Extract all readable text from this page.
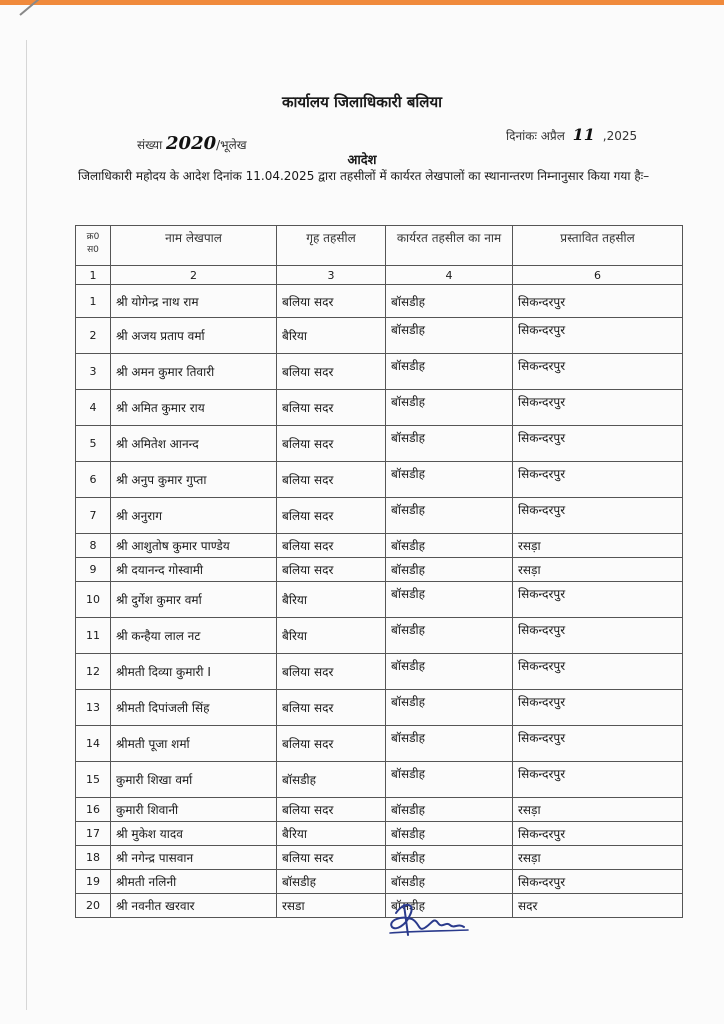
कार्यालय जिलाधिकारी बलिया
संख्या 2020/भूलेख
दिनांकः अप्रैल 11 ,2025
आदेश
जिलाधिकारी महोदय के आदेश दिनांक 11.04.2025 द्वारा तहसीलों में कार्यरत लेखपालों का स्थानान्तरण निम्नानुसार किया गया हैः–
क्र0 स0	नाम लेखपाल	गृह तहसील	कार्यरत तहसील का नाम	प्रस्तावित तहसील
1	2	3	4	6
1	श्री योगेन्द्र नाथ राम	बलिया सदर	बॉसडीह	सिकन्दरपुर
2	श्री अजय प्रताप वर्मा	बैरिया	बॉसडीह	सिकन्दरपुर
3	श्री अमन कुमार तिवारी	बलिया सदर	बॉसडीह	सिकन्दरपुर
4	श्री अमित कुमार राय	बलिया सदर	बॉसडीह	सिकन्दरपुर
5	श्री अमितेश आनन्द	बलिया सदर	बॉसडीह	सिकन्दरपुर
6	श्री अनुप कुमार गुप्ता	बलिया सदर	बॉसडीह	सिकन्दरपुर
7	श्री अनुराग	बलिया सदर	बॉसडीह	सिकन्दरपुर
8	श्री आशुतोष कुमार पाण्डेय	बलिया सदर	बॉसडीह	रसड़ा
9	श्री दयानन्द गोस्वामी	बलिया सदर	बॉसडीह	रसड़ा
10	श्री दुर्गेश कुमार वर्मा	बैरिया	बॉसडीह	सिकन्दरपुर
11	श्री कन्हैया लाल नट	बैरिया	बॉसडीह	सिकन्दरपुर
12	श्रीमती दिव्या कुमारी I	बलिया सदर	बॉसडीह	सिकन्दरपुर
13	श्रीमती दिपांजली सिंह	बलिया सदर	बॉसडीह	सिकन्दरपुर
14	श्रीमती पूजा शर्मा	बलिया सदर	बॉसडीह	सिकन्दरपुर
15	कुमारी शिखा वर्मा	बॉसडीह	बॉसडीह	सिकन्दरपुर
16	कुमारी शिवानी	बलिया सदर	बॉसडीह	रसड़ा
17	श्री मुकेश यादव	बैरिया	बॉसडीह	सिकन्दरपुर
18	श्री नगेन्द्र पासवान	बलिया सदर	बॉसडीह	रसड़ा
19	श्रीमती नलिनी	बॉसडीह	बॉसडीह	सिकन्दरपुर
20	श्री नवनीत खरवार	रसडा	बॉसडीह	सदर
